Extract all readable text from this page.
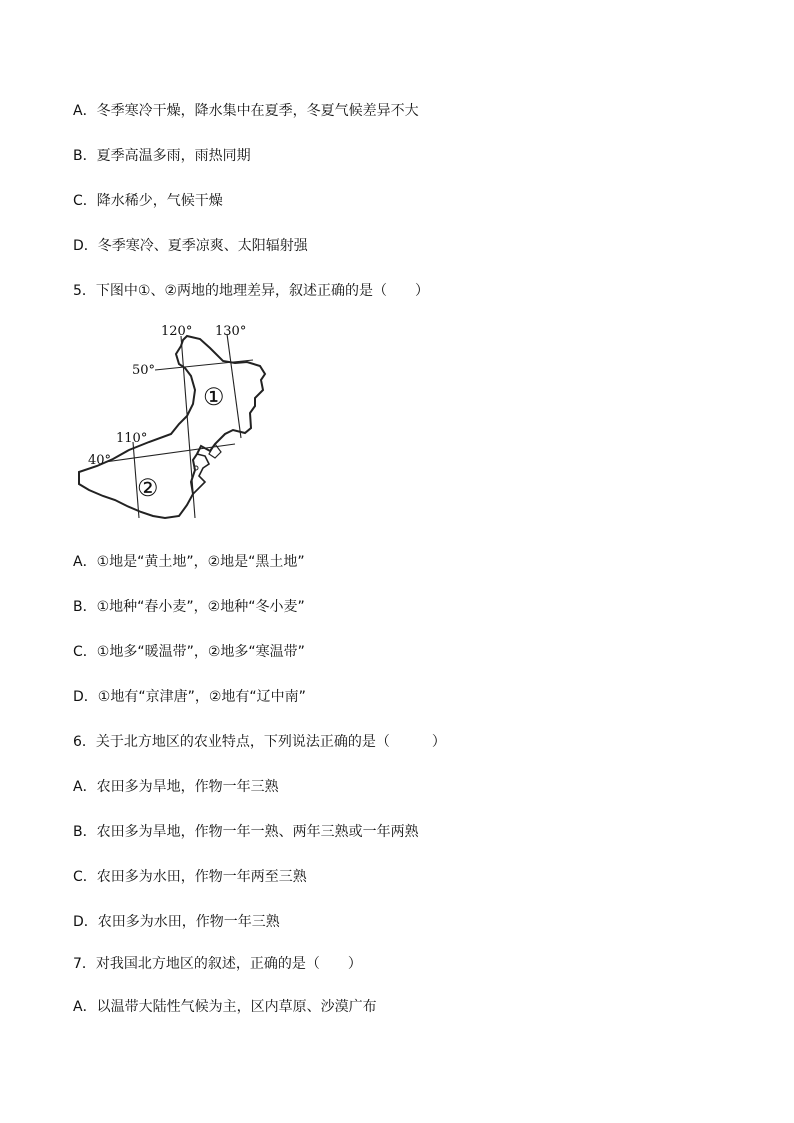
A．冬季寒冷干燥，降水集中在夏季，冬夏气候差异不大
B．夏季高温多雨，雨热同期
C．降水稀少，气候干燥
D．冬季寒冷、夏季凉爽、太阳辐射强
5．下图中①、②两地的地理差异，叙述正确的是（　　）
120° 130°
110°
50°
40°
①
②
A．①地是“黄土地”，②地是“黑土地”
B．①地种“春小麦”，②地种“冬小麦”
C．①地多“暖温带”，②地多“寒温带”
D．①地有“京津唐”，②地有“辽中南”
6．关于北方地区的农业特点，下列说法正确的是（　　　）
A．农田多为旱地，作物一年三熟
B．农田多为旱地，作物一年一熟、两年三熟或一年两熟
C．农田多为水田，作物一年两至三熟
D．农田多为水田，作物一年三熟
7．对我国北方地区的叙述，正确的是（　　）
A．以温带大陆性气候为主，区内草原、沙漠广布
